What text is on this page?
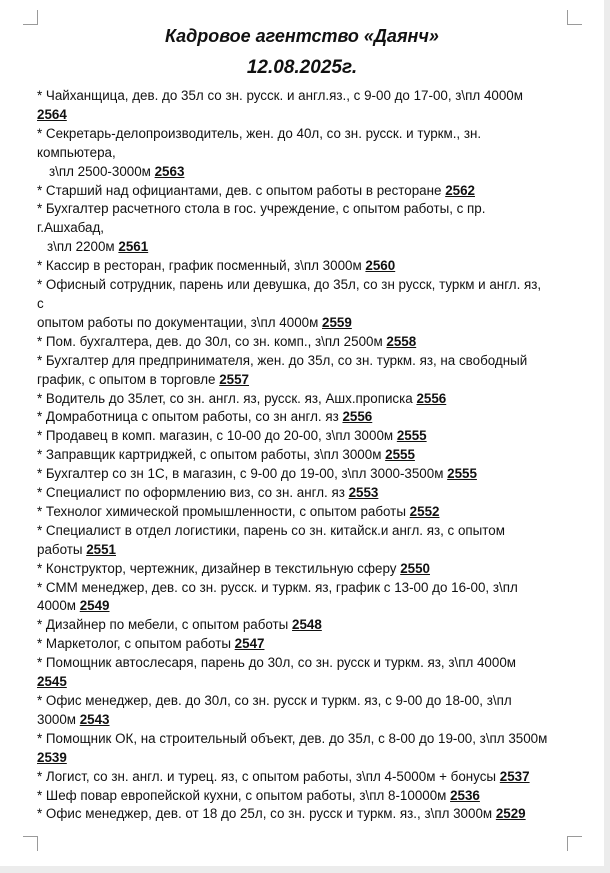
Кадровое агентство «Даянч»
12.08.2025г.
* Чайханщица, дев. до 35л со зн. русск. и англ.яз., с 9-00 до 17-00, з\пл 4000м
2564
* Секретарь-делопроизводитель, жен. до 40л, со зн. русск. и туркм., зн.
компьютера,
з\пл 2500-3000м 2563
* Старший над официантами, дев. с опытом работы в ресторане 2562
* Бухгалтер расчетного стола в гос. учреждение, с опытом работы, с пр.
г.Ашхабад,
з\пл 2200м 2561
* Кассир в ресторан, график посменный, з\пл 3000м 2560
* Офисный сотрудник, парень или девушка, до 35л, со зн русск, туркм и англ. яз,
с
опытом работы по документации, з\пл 4000м 2559
* Пом. бухгалтера, дев. до 30л, со зн. комп., з\пл 2500м 2558
* Бухгалтер для предпринимателя, жен. до 35л, со зн. туркм. яз, на свободный
график, с опытом в торговле 2557
* Водитель до 35лет, со зн. англ. яз, русск. яз, Ашх.прописка 2556
* Домработница с опытом работы, со зн англ. яз 2556
* Продавец в комп. магазин, с 10-00 до 20-00, з\пл 3000м 2555
* Заправщик картриджей, с опытом работы, з\пл 3000м 2555
* Бухгалтер со зн 1С, в магазин, с 9-00 до 19-00, з\пл 3000-3500м 2555
* Специалист по оформлению виз, со зн. англ. яз 2553
* Технолог химической промышленности, с опытом работы 2552
* Специалист в отдел логистики, парень со зн. китайск.и англ. яз, с опытом
работы 2551
* Конструктор, чертежник, дизайнер в текстильную сферу 2550
* СММ менеджер, дев. со зн. русск. и туркм. яз, график с 13-00 до 16-00, з\пл
4000м 2549
* Дизайнер по мебели, с опытом работы 2548
* Маркетолог, с опытом работы 2547
* Помощник автослесаря, парень до 30л, со зн. русск и туркм. яз, з\пл 4000м
2545
* Офис менеджер, дев. до 30л, со зн. русск и туркм. яз, с 9-00 до 18-00, з\пл
3000м 2543
* Помощник ОК, на строительный объект, дев. до 35л, с 8-00 до 19-00, з\пл 3500м
2539
* Логист, со зн. англ. и турец. яз, с опытом работы, з\пл 4-5000м + бонусы 2537
* Шеф повар европейской кухни, с опытом работы, з\пл 8-10000м 2536
* Офис менеджер, дев. от 18 до 25л, со зн. русск и туркм. яз., з\пл 3000м 2529
